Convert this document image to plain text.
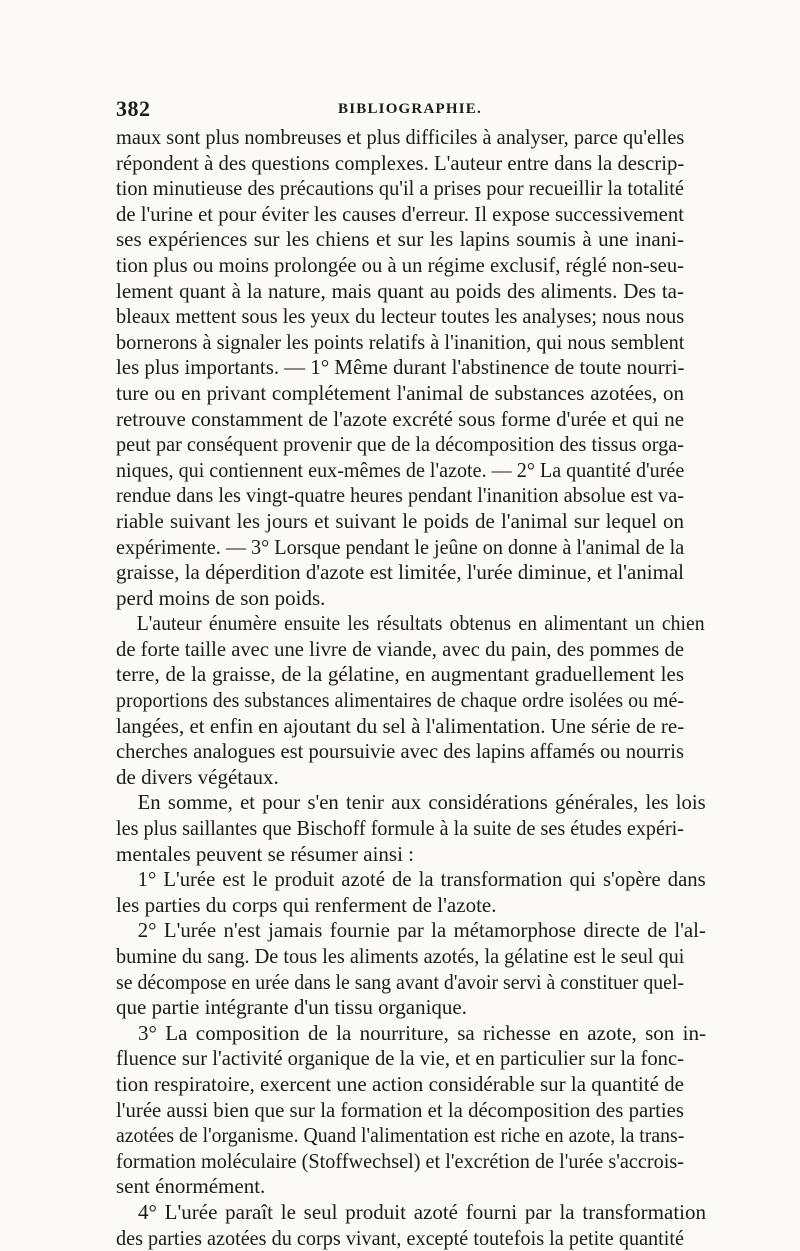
382	BIBLIOGRAPHIE.
maux sont plus nombreuses et plus difficiles à analyser, parce qu'elles
répondent à des questions complexes. L'auteur entre dans la descrip-
tion minutieuse des précautions qu'il a prises pour recueillir la totalité
de l'urine et pour éviter les causes d'erreur. Il expose successivement
ses expériences sur les chiens et sur les lapins soumis à une inani-
tion plus ou moins prolongée ou à un régime exclusif, réglé non-seu-
lement quant à la nature, mais quant au poids des aliments. Des ta-
bleaux mettent sous les yeux du lecteur toutes les analyses; nous nous
bornerons à signaler les points relatifs à l'inanition, qui nous semblent
les plus importants. — 1° Même durant l'abstinence de toute nourri-
ture ou en privant complétement l'animal de substances azotées, on
retrouve constamment de l'azote excrété sous forme d'urée et qui ne
peut par conséquent provenir que de la décomposition des tissus orga-
niques, qui contiennent eux-mêmes de l'azote. — 2° La quantité d'urée
rendue dans les vingt-quatre heures pendant l'inanition absolue est va-
riable suivant les jours et suivant le poids de l'animal sur lequel on
expérimente. — 3° Lorsque pendant le jeûne on donne à l'animal de la
graisse, la déperdition d'azote est limitée, l'urée diminue, et l'animal
perd moins de son poids.
L'auteur énumère ensuite les résultats obtenus en alimentant un chien
de forte taille avec une livre de viande, avec du pain, des pommes de
terre, de la graisse, de la gélatine, en augmentant graduellement les
proportions des substances alimentaires de chaque ordre isolées ou mé-
langées, et enfin en ajoutant du sel à l'alimentation. Une série de re-
cherches analogues est poursuivie avec des lapins affamés ou nourris
de divers végétaux.
En somme, et pour s'en tenir aux considérations générales, les lois
les plus saillantes que Bischoff formule à la suite de ses études expéri-
mentales peuvent se résumer ainsi :
1° L'urée est le produit azoté de la transformation qui s'opère dans
les parties du corps qui renferment de l'azote.
2° L'urée n'est jamais fournie par la métamorphose directe de l'al-
bumine du sang. De tous les aliments azotés, la gélatine est le seul qui
se décompose en urée dans le sang avant d'avoir servi à constituer quel-
que partie intégrante d'un tissu organique.
3° La composition de la nourriture, sa richesse en azote, son in-
fluence sur l'activité organique de la vie, et en particulier sur la fonc-
tion respiratoire, exercent une action considérable sur la quantité de
l'urée aussi bien que sur la formation et la décomposition des parties
azotées de l'organisme. Quand l'alimentation est riche en azote, la trans-
formation moléculaire (Stoffwechsel) et l'excrétion de l'urée s'accrois-
sent énormément.
4° L'urée paraît le seul produit azoté fourni par la transformation
des parties azotées du corps vivant, excepté toutefois la petite quantité
